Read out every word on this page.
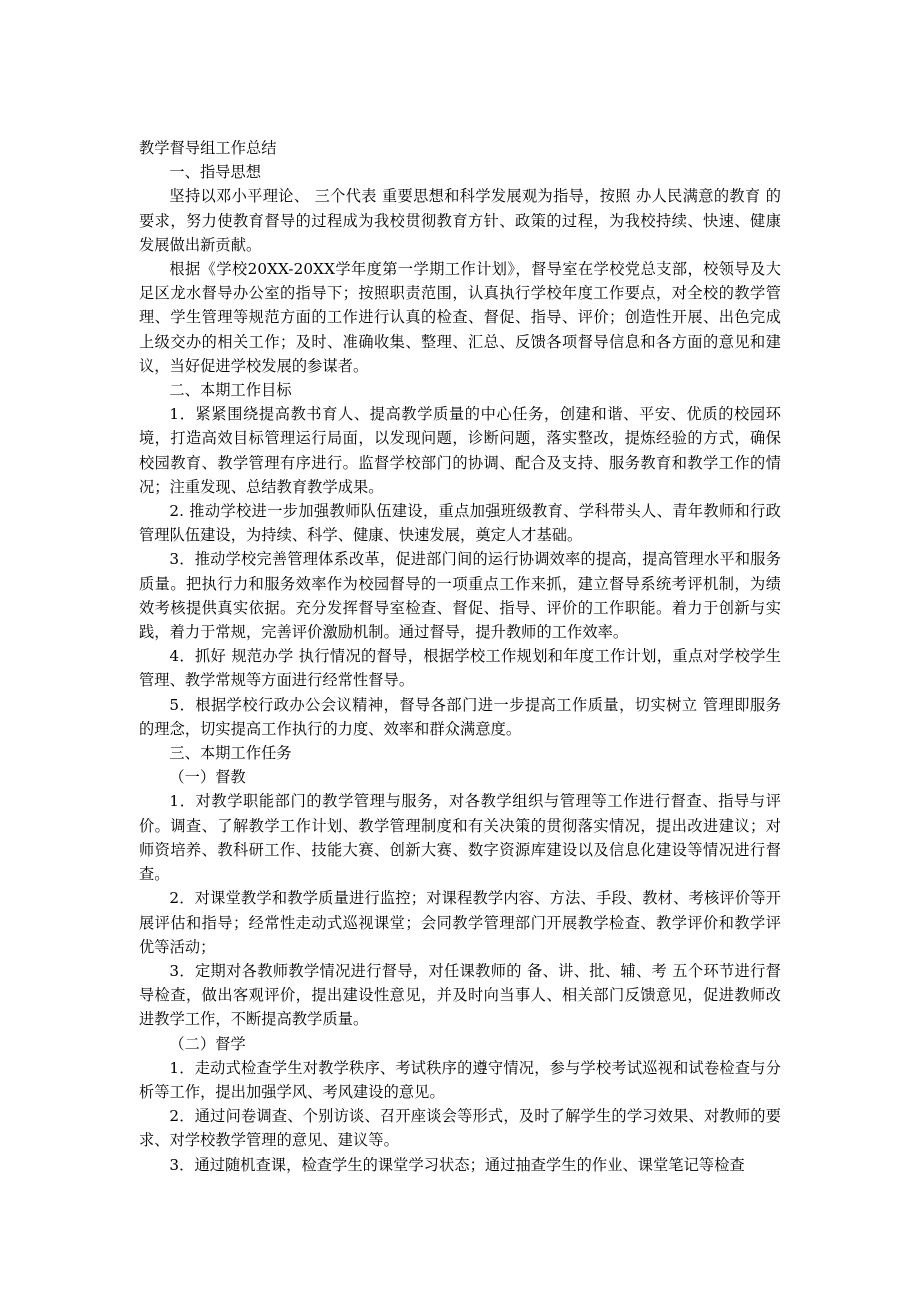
教学督导组工作总结

一、指导思想

坚持以邓小平理论、 三个代表 重要思想和科学发展观为指导，按照 办人民满意的教育 的要求，努力使教育督导的过程成为我校贯彻教育方针、政策的过程，为我校持续、快速、健康发展做出新贡献。

根据《学校20XX-20XX学年度第一学期工作计划》，督导室在学校党总支部，校领导及大足区龙水督导办公室的指导下；按照职责范围，认真执行学校年度工作要点，对全校的教学管理、学生管理等规范方面的工作进行认真的检查、督促、指导、评价；创造性开展、出色完成上级交办的相关工作；及时、准确收集、整理、汇总、反馈各项督导信息和各方面的意见和建议，当好促进学校发展的参谋者。

二、本期工作目标

1．紧紧围绕提高教书育人、提高教学质量的中心任务，创建和谐、平安、优质的校园环境，打造高效目标管理运行局面，以发现问题，诊断问题，落实整改，提炼经验的方式，确保校园教育、教学管理有序进行。监督学校部门的协调、配合及支持、服务教育和教学工作的情况；注重发现、总结教育教学成果。

2. 推动学校进一步加强教师队伍建设，重点加强班级教育、学科带头人、青年教师和行政管理队伍建设，为持续、科学、健康、快速发展，奠定人才基础。

3．推动学校完善管理体系改革，促进部门间的运行协调效率的提高，提高管理水平和服务质量。把执行力和服务效率作为校园督导的一项重点工作来抓，建立督导系统考评机制，为绩效考核提供真实依据。充分发挥督导室检查、督促、指导、评价的工作职能。着力于创新与实践，着力于常规，完善评价激励机制。通过督导，提升教师的工作效率。

4．抓好 规范办学 执行情况的督导，根据学校工作规划和年度工作计划，重点对学校学生管理、教学常规等方面进行经常性督导。

5．根据学校行政办公会议精神，督导各部门进一步提高工作质量，切实树立 管理即服务 的理念，切实提高工作执行的力度、效率和群众满意度。

三、本期工作任务

（一）督教

1．对教学职能部门的教学管理与服务，对各教学组织与管理等工作进行督查、指导与评价。调查、了解教学工作计划、教学管理制度和有关决策的贯彻落实情况，提出改进建议；对师资培养、教科研工作、技能大赛、创新大赛、数字资源库建设以及信息化建设等情况进行督查。

2．对课堂教学和教学质量进行监控；对课程教学内容、方法、手段、教材、考核评价等开展评估和指导；经常性走动式巡视课堂；会同教学管理部门开展教学检查、教学评价和教学评优等活动；

3．定期对各教师教学情况进行督导，对任课教师的 备、讲、批、辅、考 五个环节进行督导检查，做出客观评价，提出建设性意见，并及时向当事人、相关部门反馈意见，促进教师改进教学工作，不断提高教学质量。

（二）督学

1．走动式检查学生对教学秩序、考试秩序的遵守情况，参与学校考试巡视和试卷检查与分析等工作，提出加强学风、考风建设的意见。

2．通过问卷调查、个别访谈、召开座谈会等形式，及时了解学生的学习效果、对教师的要求、对学校教学管理的意见、建议等。

3．通过随机查课，检查学生的课堂学习状态；通过抽查学生的作业、课堂笔记等检查
